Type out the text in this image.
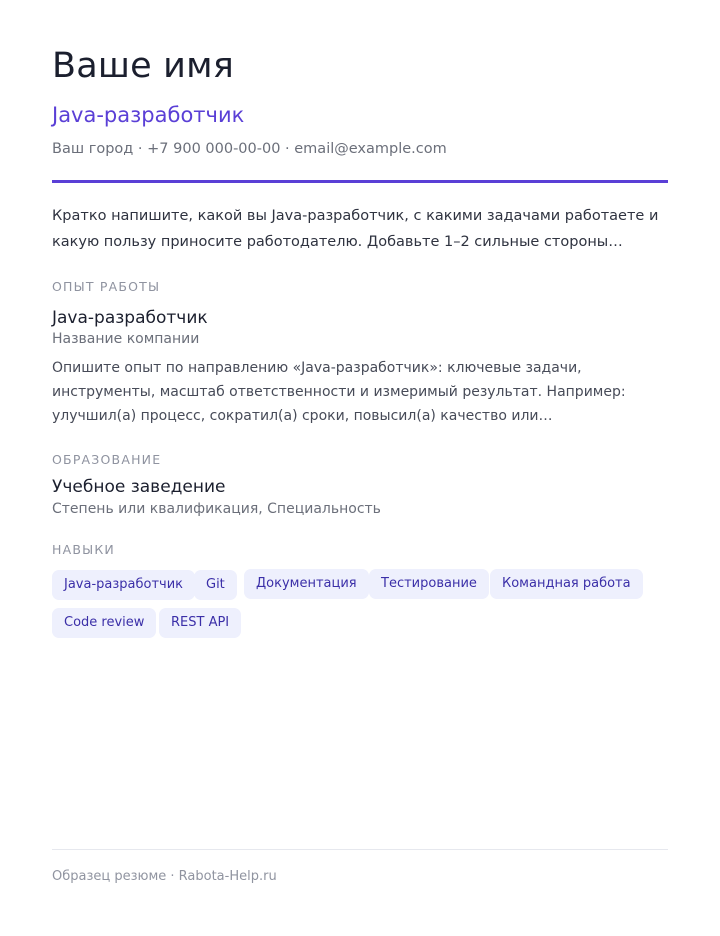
Ваше имя
Java-разработчик
Ваш город · +7 900 000-00-00 · email@example.com
Кратко напишите, какой вы Java-разработчик, с какими задачами работаете и какую пользу приносите работодателю. Добавьте 1–2 сильные стороны…
ОПЫТ РАБОТЫ
Java-разработчик
Название компании
Опишите опыт по направлению «Java-разработчик»: ключевые задачи, инструменты, масштаб ответственности и измеримый результат. Например: улучшил(а) процесс, сократил(а) сроки, повысил(а) качество или…
ОБРАЗОВАНИЕ
Учебное заведение
Степень или квалификация, Специальность
НАВЫКИ
Java-разработчик	Git	Документация	Тестирование	Командная работа
Code review	REST API
Образец резюме · Rabota-Help.ru
